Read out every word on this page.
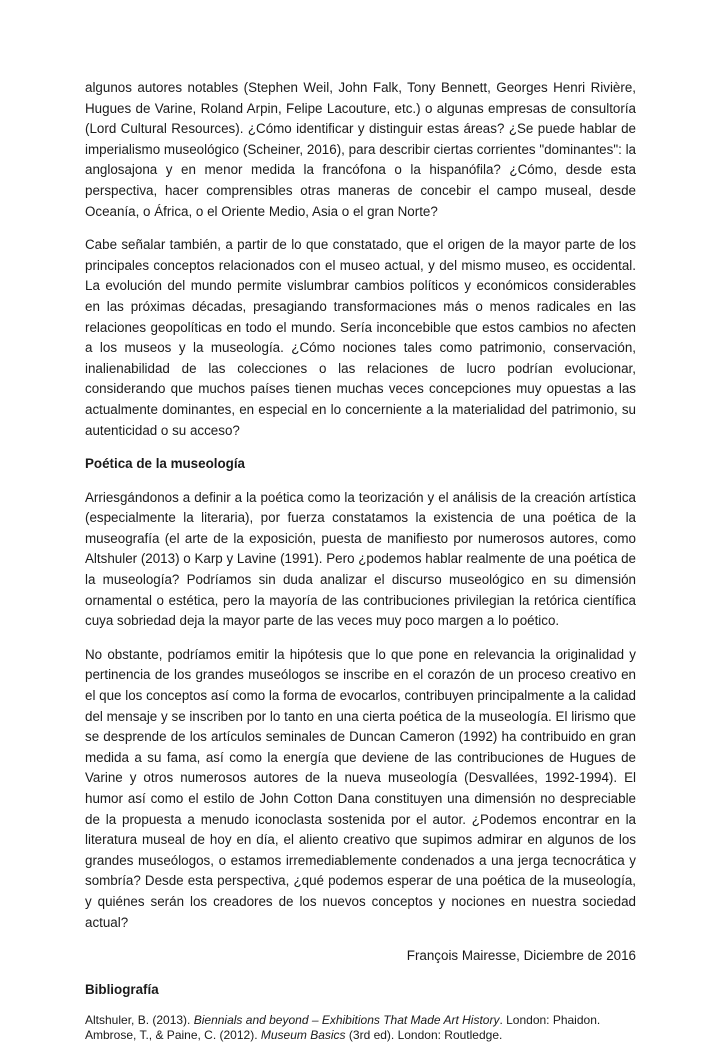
algunos autores notables (Stephen Weil, John Falk, Tony Bennett, Georges Henri Rivière, Hugues de Varine, Roland Arpin, Felipe Lacouture, etc.) o algunas empresas de consultoría (Lord Cultural Resources). ¿Cómo identificar y distinguir estas áreas? ¿Se puede hablar de imperialismo museológico (Scheiner, 2016), para describir ciertas corrientes "dominantes": la anglosajona y en menor medida la francófona o la hispanófila? ¿Cómo, desde esta perspectiva, hacer comprensibles otras maneras de concebir el campo museal, desde Oceanía, o África, o el Oriente Medio, Asia o el gran Norte?

Cabe señalar también, a partir de lo que constatado, que el origen de la mayor parte de los principales conceptos relacionados con el museo actual, y del mismo museo, es occidental. La evolución del mundo permite vislumbrar cambios políticos y económicos considerables en las próximas décadas, presagiando transformaciones más o menos radicales en las relaciones geopolíticas en todo el mundo. Sería inconcebible que estos cambios no afecten a los museos y la museología. ¿Cómo nociones tales como patrimonio, conservación, inalienabilidad de las colecciones o las relaciones de lucro podrían evolucionar, considerando que muchos países tienen muchas veces concepciones muy opuestas a las actualmente dominantes, en especial en lo concerniente a la materialidad del patrimonio, su autenticidad o su acceso?

Poética de la museología

Arriesgándonos a definir a la poética como la teorización y el análisis de la creación artística (especialmente la literaria), por fuerza constatamos la existencia de una poética de la museografía (el arte de la exposición, puesta de manifiesto por numerosos autores, como Altshuler (2013) o Karp y Lavine (1991). Pero ¿podemos hablar realmente de una poética de la museología? Podríamos sin duda analizar el discurso museológico en su dimensión ornamental o estética, pero la mayoría de las contribuciones privilegian la retórica científica cuya sobriedad deja la mayor parte de las veces muy poco margen a lo poético.

No obstante, podríamos emitir la hipótesis que lo que pone en relevancia la originalidad y pertinencia de los grandes museólogos se inscribe en el corazón de un proceso creativo en el que los conceptos así como la forma de evocarlos, contribuyen principalmente a la calidad del mensaje y se inscriben por lo tanto en una cierta poética de la museología. El lirismo que se desprende de los artículos seminales de Duncan Cameron (1992) ha contribuido en gran medida a su fama, así como la energía que deviene de las contribuciones de Hugues de Varine y otros numerosos autores de la nueva museología (Desvallées, 1992-1994). El humor así como el estilo de John Cotton Dana constituyen una dimensión no despreciable de la propuesta a menudo iconoclasta sostenida por el autor. ¿Podemos encontrar en la literatura museal de hoy en día, el aliento creativo que supimos admirar en algunos de los grandes museólogos, o estamos irremediablemente condenados a una jerga tecnocrática y sombría? Desde esta perspectiva, ¿qué podemos esperar de una poética de la museología, y quiénes serán los creadores de los nuevos conceptos y nociones en nuestra sociedad actual?

François Mairesse, Diciembre de 2016
Bibliografía
Altshuler, B. (2013). Biennials and beyond – Exhibitions That Made Art History. London: Phaidon.
Ambrose, T., & Paine, C. (2012). Museum Basics (3rd ed). London: Routledge.
